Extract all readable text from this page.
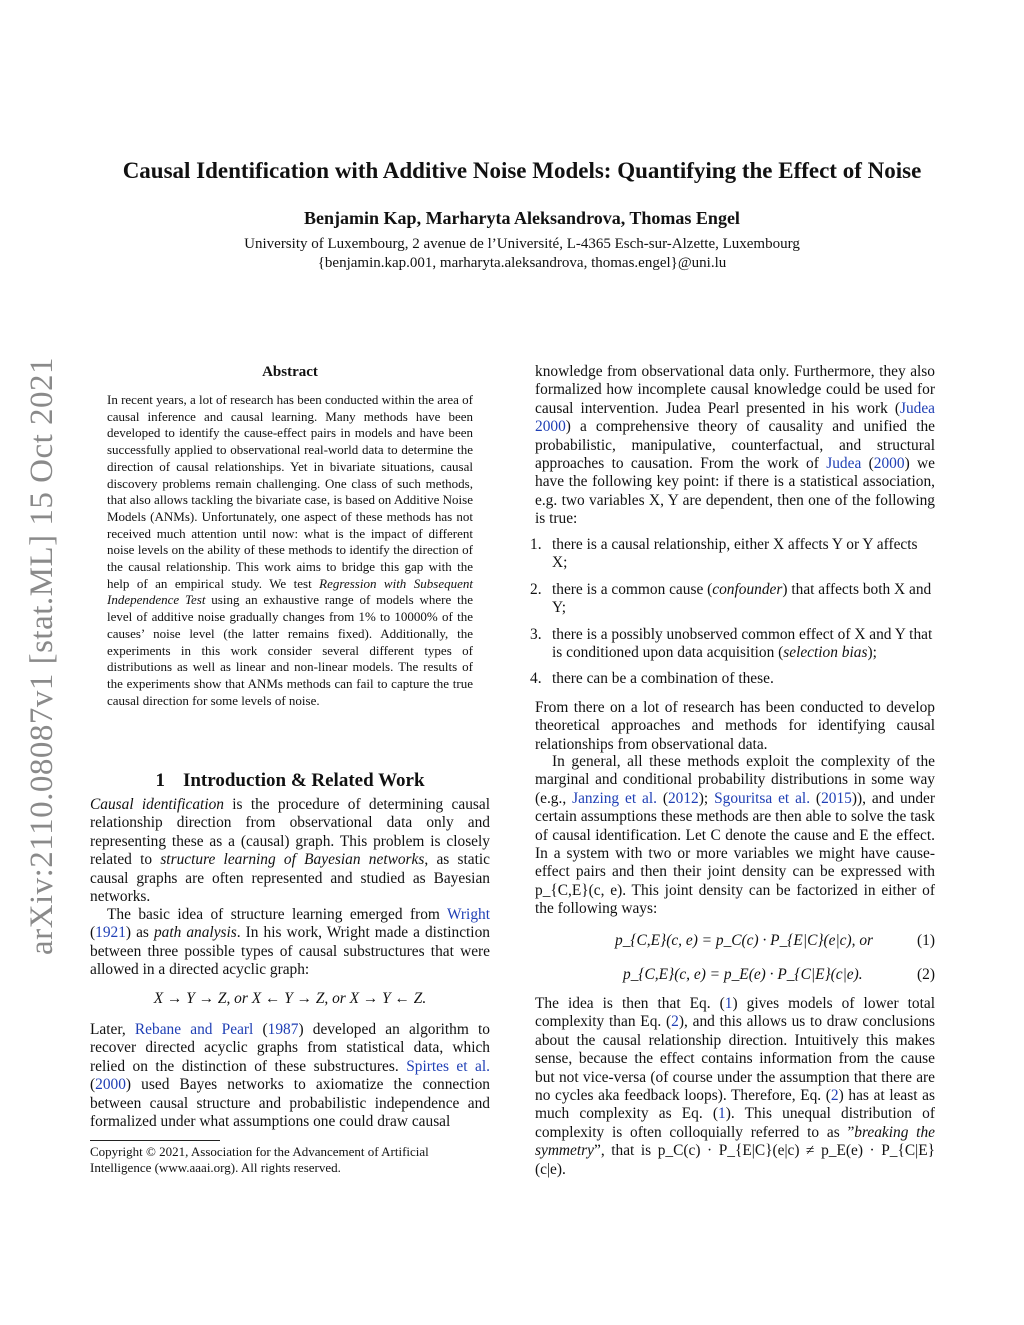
arXiv:2110.08087v1 [stat.ML] 15 Oct 2021
Causal Identification with Additive Noise Models: Quantifying the Effect of Noise
Benjamin Kap, Marharyta Aleksandrova, Thomas Engel
University of Luxembourg, 2 avenue de l’Université, L-4365 Esch-sur-Alzette, Luxembourg
{benjamin.kap.001, marharyta.aleksandrova, thomas.engel}@uni.lu
Abstract
In recent years, a lot of research has been conducted within the area of causal inference and causal learning. Many methods have been developed to identify the cause-effect pairs in models and have been successfully applied to observational real-world data to determine the direction of causal relationships. Yet in bivariate situations, causal discovery problems remain challenging. One class of such methods, that also allows tackling the bivariate case, is based on Additive Noise Models (ANMs). Unfortunately, one aspect of these methods has not received much attention until now: what is the impact of different noise levels on the ability of these methods to identify the direction of the causal relationship. This work aims to bridge this gap with the help of an empirical study. We test Regression with Subsequent Independence Test using an exhaustive range of models where the level of additive noise gradually changes from 1% to 10000% of the causes’ noise level (the latter remains fixed). Additionally, the experiments in this work consider several different types of distributions as well as linear and non-linear models. The results of the experiments show that ANMs methods can fail to capture the true causal direction for some levels of noise.
1 Introduction & Related Work
Causal identification is the procedure of determining causal relationship direction from observational data only and representing these as a (causal) graph. This problem is closely related to structure learning of Bayesian networks, as static causal graphs are often represented and studied as Bayesian networks.
The basic idea of structure learning emerged from Wright (1921) as path analysis. In his work, Wright made a distinction between three possible types of causal substructures that were allowed in a directed acyclic graph:
X → Y → Z, or X ← Y → Z, or X → Y ← Z.
Later, Rebane and Pearl (1987) developed an algorithm to recover directed acyclic graphs from statistical data, which relied on the distinction of these substructures. Spirtes et al. (2000) used Bayes networks to axiomatize the connection between causal structure and probabilistic independence and formalized under what assumptions one could draw causal
Copyright © 2021, Association for the Advancement of Artificial Intelligence (www.aaai.org). All rights reserved.
knowledge from observational data only. Furthermore, they also formalized how incomplete causal knowledge could be used for causal intervention. Judea Pearl presented in his work (Judea 2000) a comprehensive theory of causality and unified the probabilistic, manipulative, counterfactual, and structural approaches to causation. From the work of Judea (2000) we have the following key point: if there is a statistical association, e.g. two variables X, Y are dependent, then one of the following is true:
1. there is a causal relationship, either X affects Y or Y affects X;
2. there is a common cause (confounder) that affects both X and Y;
3. there is a possibly unobserved common effect of X and Y that is conditioned upon data acquisition (selection bias);
4. there can be a combination of these.
From there on a lot of research has been conducted to develop theoretical approaches and methods for identifying causal relationships from observational data.
In general, all these methods exploit the complexity of the marginal and conditional probability distributions in some way (e.g., Janzing et al. (2012); Sgouritsa et al. (2015)), and under certain assumptions these methods are then able to solve the task of causal identification. Let C denote the cause and E the effect. In a system with two or more variables we might have cause-effect pairs and then their joint density can be expressed with p_{C,E}(c, e). This joint density can be factorized in either of the following ways:
p_{C,E}(c, e) = p_C(c) · P_{E|C}(e|c), or	(1)
p_{C,E}(c, e) = p_E(e) · P_{C|E}(c|e).	(2)
The idea is then that Eq. (1) gives models of lower total complexity than Eq. (2), and this allows us to draw conclusions about the causal relationship direction. Intuitively this makes sense, because the effect contains information from the cause but not vice-versa (of course under the assumption that there are no cycles aka feedback loops). Therefore, Eq. (2) has at least as much complexity as Eq. (1). This unequal distribution of complexity is often colloquially referred to as ”breaking the symmetry”, that is p_C(c) · P_{E|C}(e|c) ≠ p_E(e) · P_{C|E}(c|e).
